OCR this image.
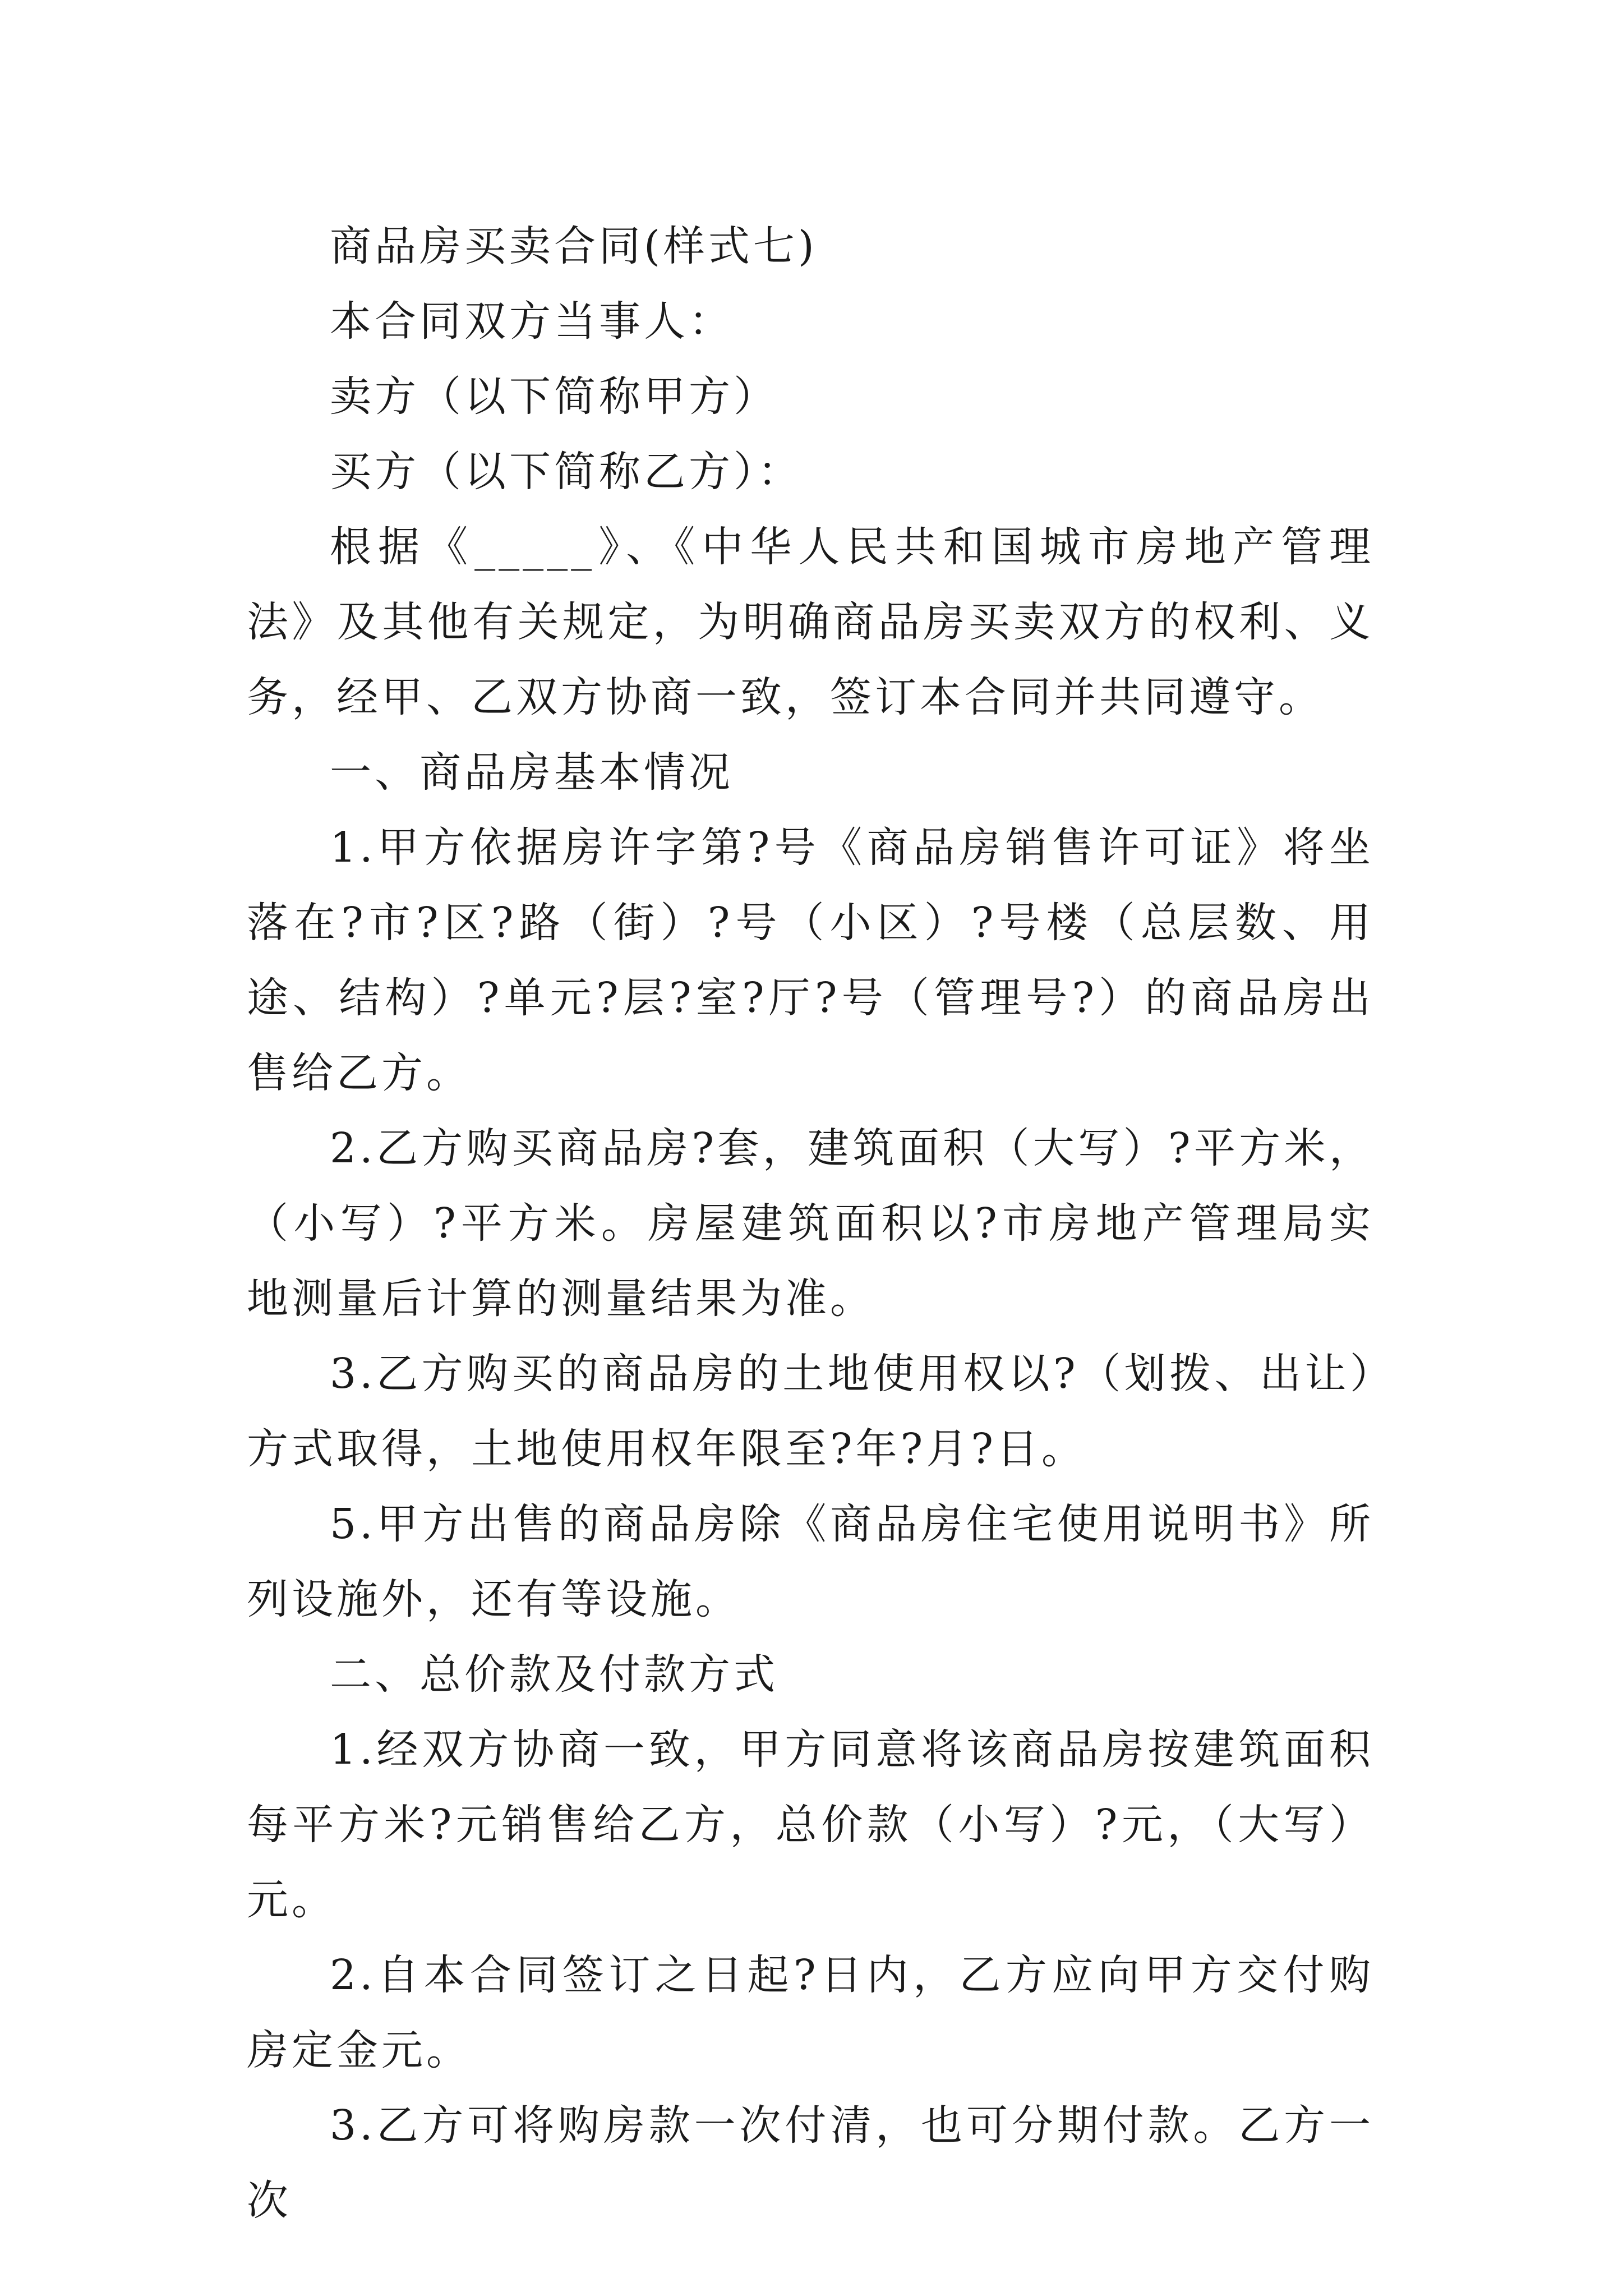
商品房买卖合同(样式七)

本合同双方当事人：

卖方（以下简称甲方）

买方（以下简称乙方）：

根据《_____》、《中华人民共和国城市房地产管理法》及其他有关规定，为明确商品房买卖双方的权利、义务，经甲、乙双方协商一致，签订本合同并共同遵守。

一、商品房基本情况

1.甲方依据房许字第?号《商品房销售许可证》将坐落在?市?区?路（街）?号（小区）?号楼（总层数、用途、结构）?单元?层?室?厅?号（管理号?）的商品房出售给乙方。

2.乙方购买商品房?套，建筑面积（大写）?平方米，（小写）?平方米。房屋建筑面积以?市房地产管理局实地测量后计算的测量结果为准。

3.乙方购买的商品房的土地使用权以?（划拨、出让）方式取得，土地使用权年限至?年?月?日。

5.甲方出售的商品房除《商品房住宅使用说明书》所列设施外，还有等设施。

二、总价款及付款方式

1.经双方协商一致，甲方同意将该商品房按建筑面积每平方米?元销售给乙方，总价款（小写）?元，（大写）元。

2.自本合同签订之日起?日内，乙方应向甲方交付购房定金元。

3.乙方可将购房款一次付清，也可分期付款。乙方一次
